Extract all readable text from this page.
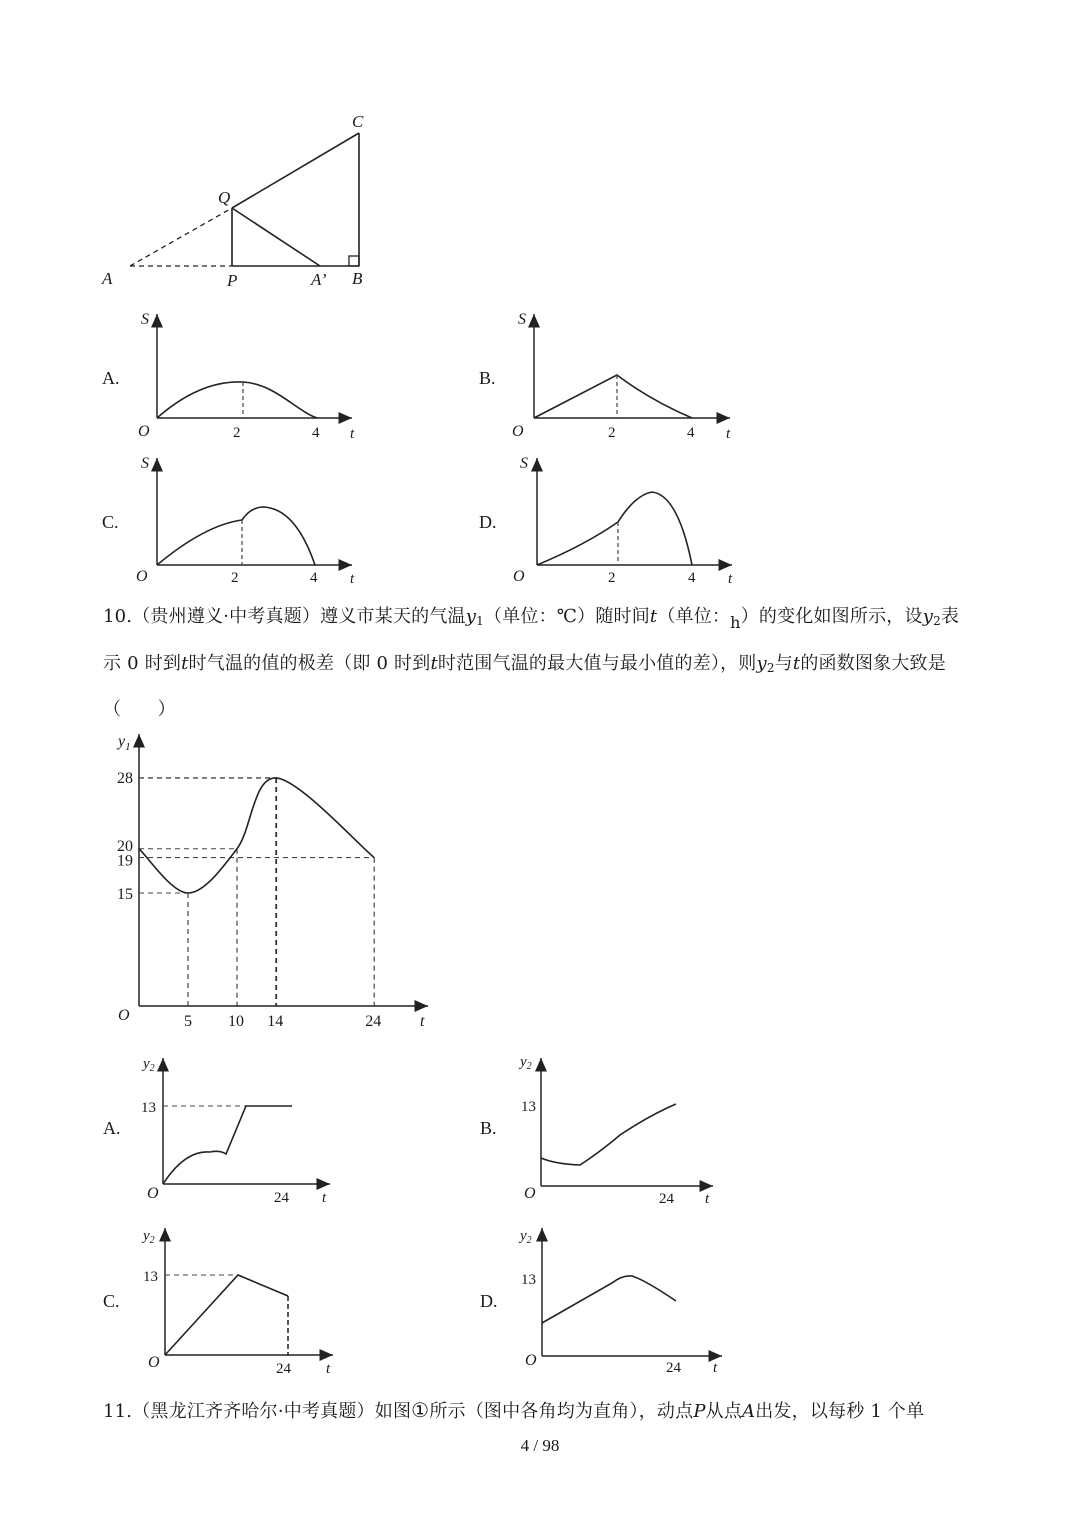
C
Q
A	P	A’ B
A.
S
t
O	2	4
B.
S
t
O	2	4
C.
S
t
O	2	4
D.
S
t
O	2	4
10.（贵州遵义·中考真题）遵义市某天的气温$y_1$（单位：℃）随时间t（单位：h）的变化如图所示，设$y_2$表
示 0 时到t时气温的值的极差（即 0 时到t时范围气温的最大值与最小值的差），则$y_2$与t的函数图象大致是
（　　）
5 10 14	24
28
20
19
15
$y_1$
t
O
A.
$y_2$
13
O	24 t
B.
$y_2$
13
O	24 t
C.
$y_2$
13
O	24 t
D.
$y_2$
13
O	24 t
11.（黑龙江齐齐哈尔·中考真题）如图①所示（图中各角均为直角），动点P从点A出发，以每秒 1 个单
4 / 98
